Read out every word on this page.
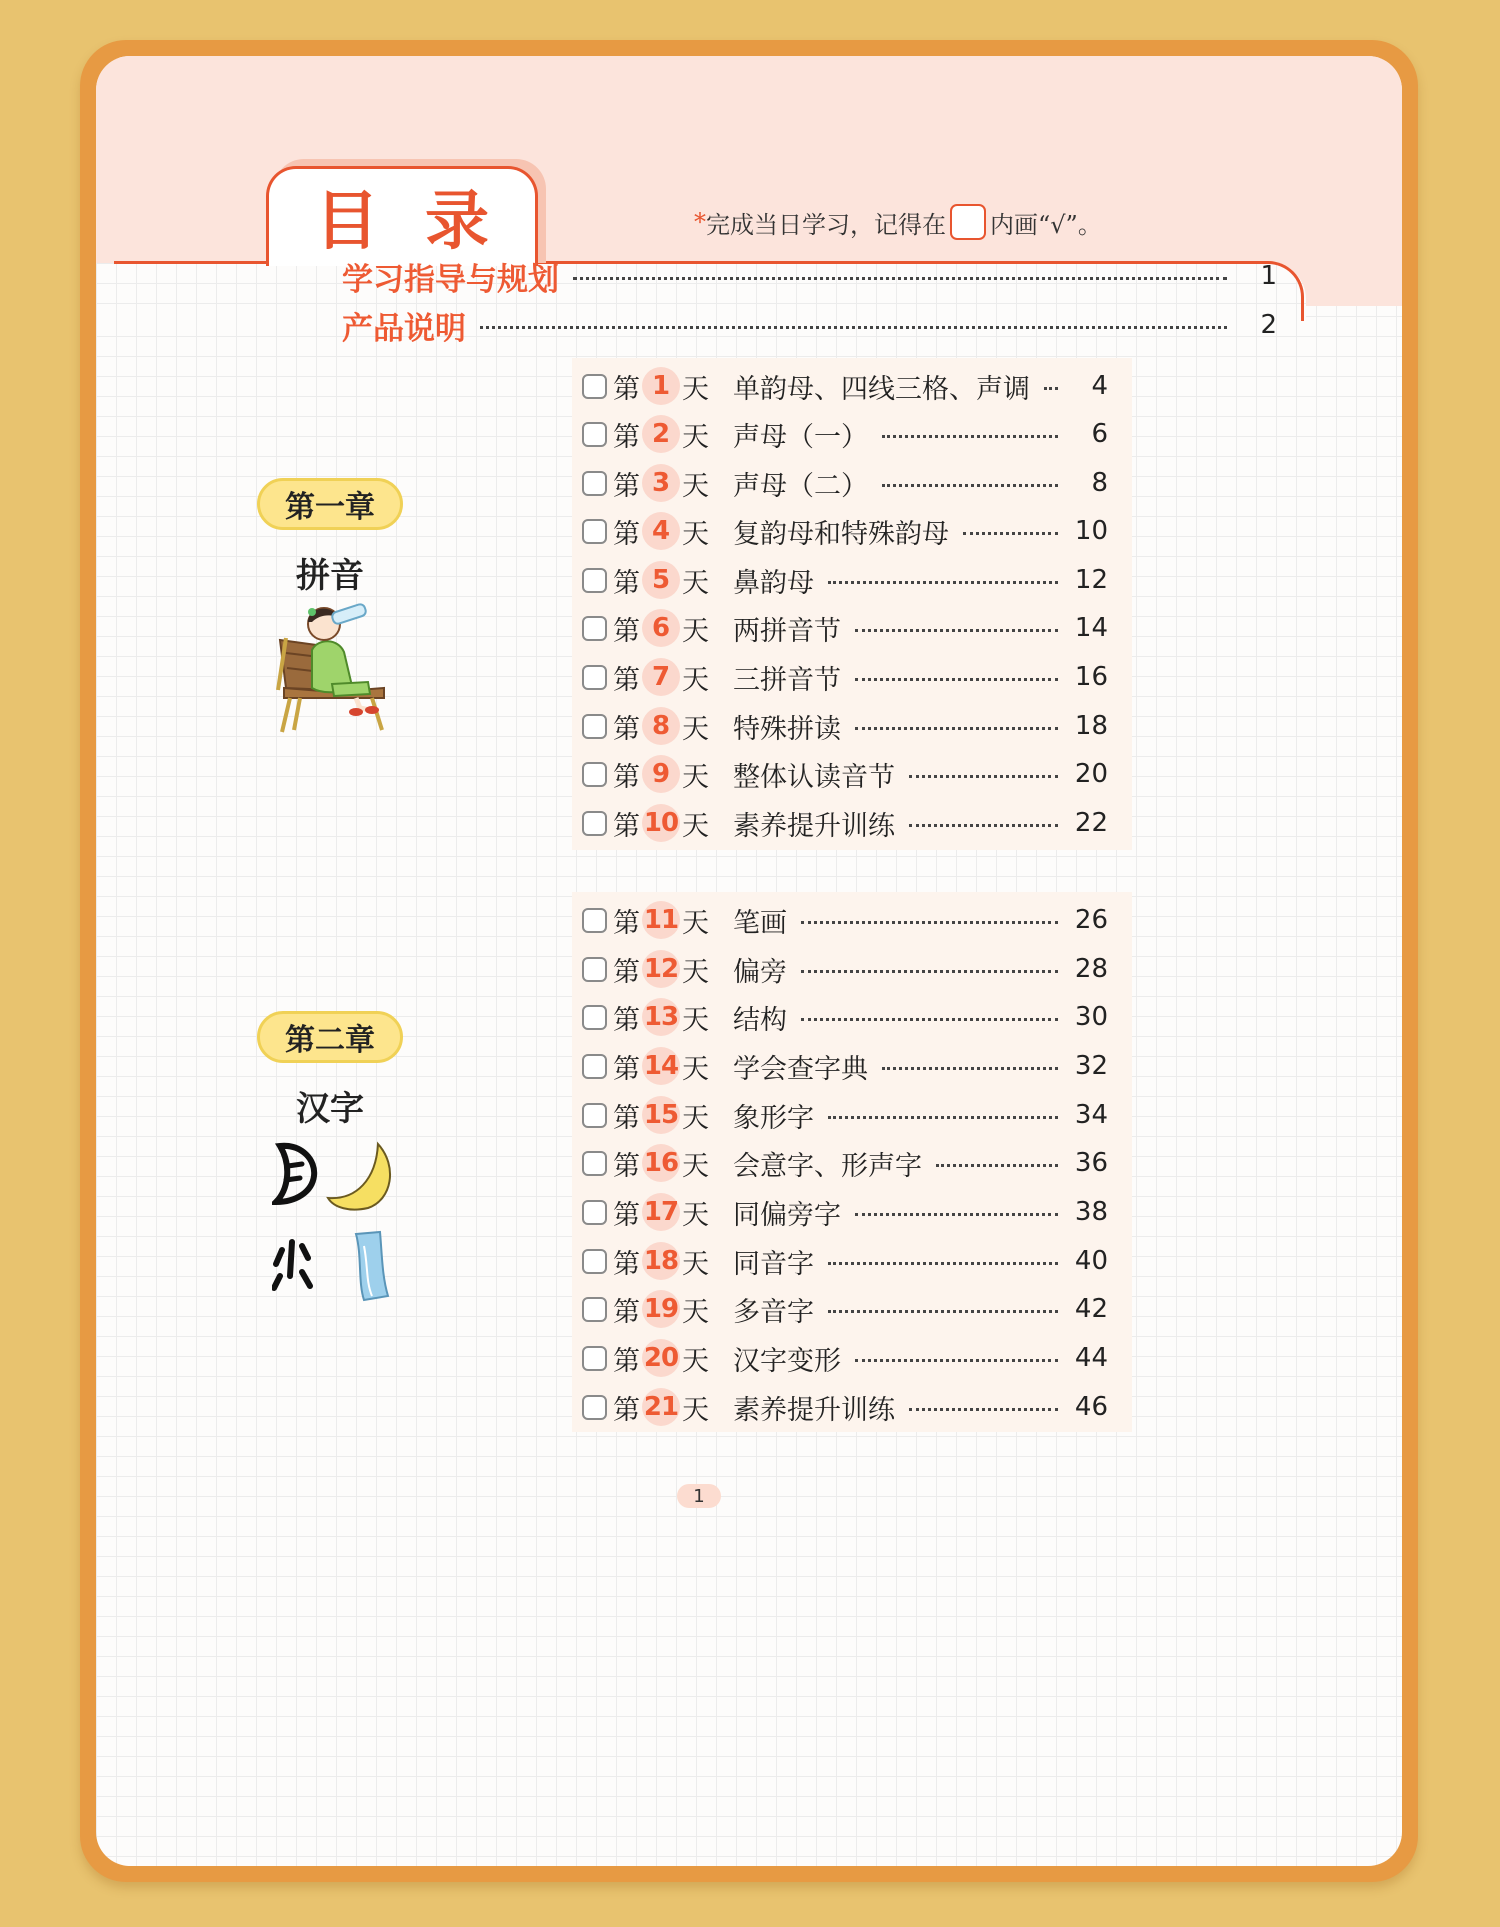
目录	* 完成当日学习，记得在 内画“√”。
学习指导与规划	1
产品说明	2
第一章
拼音
第二章
汉字
第 1 天 单韵母、四线三格、声调	4
第 2 天 声母（一）	6
第 3 天 声母（二）	8
第 4 天 复韵母和特殊韵母	10
第 5 天 鼻韵母	12
第 6 天 两拼音节	14
第 7 天 三拼音节	16
第 8 天 特殊拼读	18
第 9 天 整体认读音节	20
第 10 天 素养提升训练	22
第 11 天 笔画	26
第 12 天 偏旁	28
第 13 天 结构	30
第 14 天 学会查字典	32
第 15 天 象形字	34
第 16 天 会意字、形声字	36
第 17 天 同偏旁字	38
第 18 天 同音字	40
第 19 天 多音字	42
第 20 天 汉字变形	44
第 21 天 素养提升训练	46
1
